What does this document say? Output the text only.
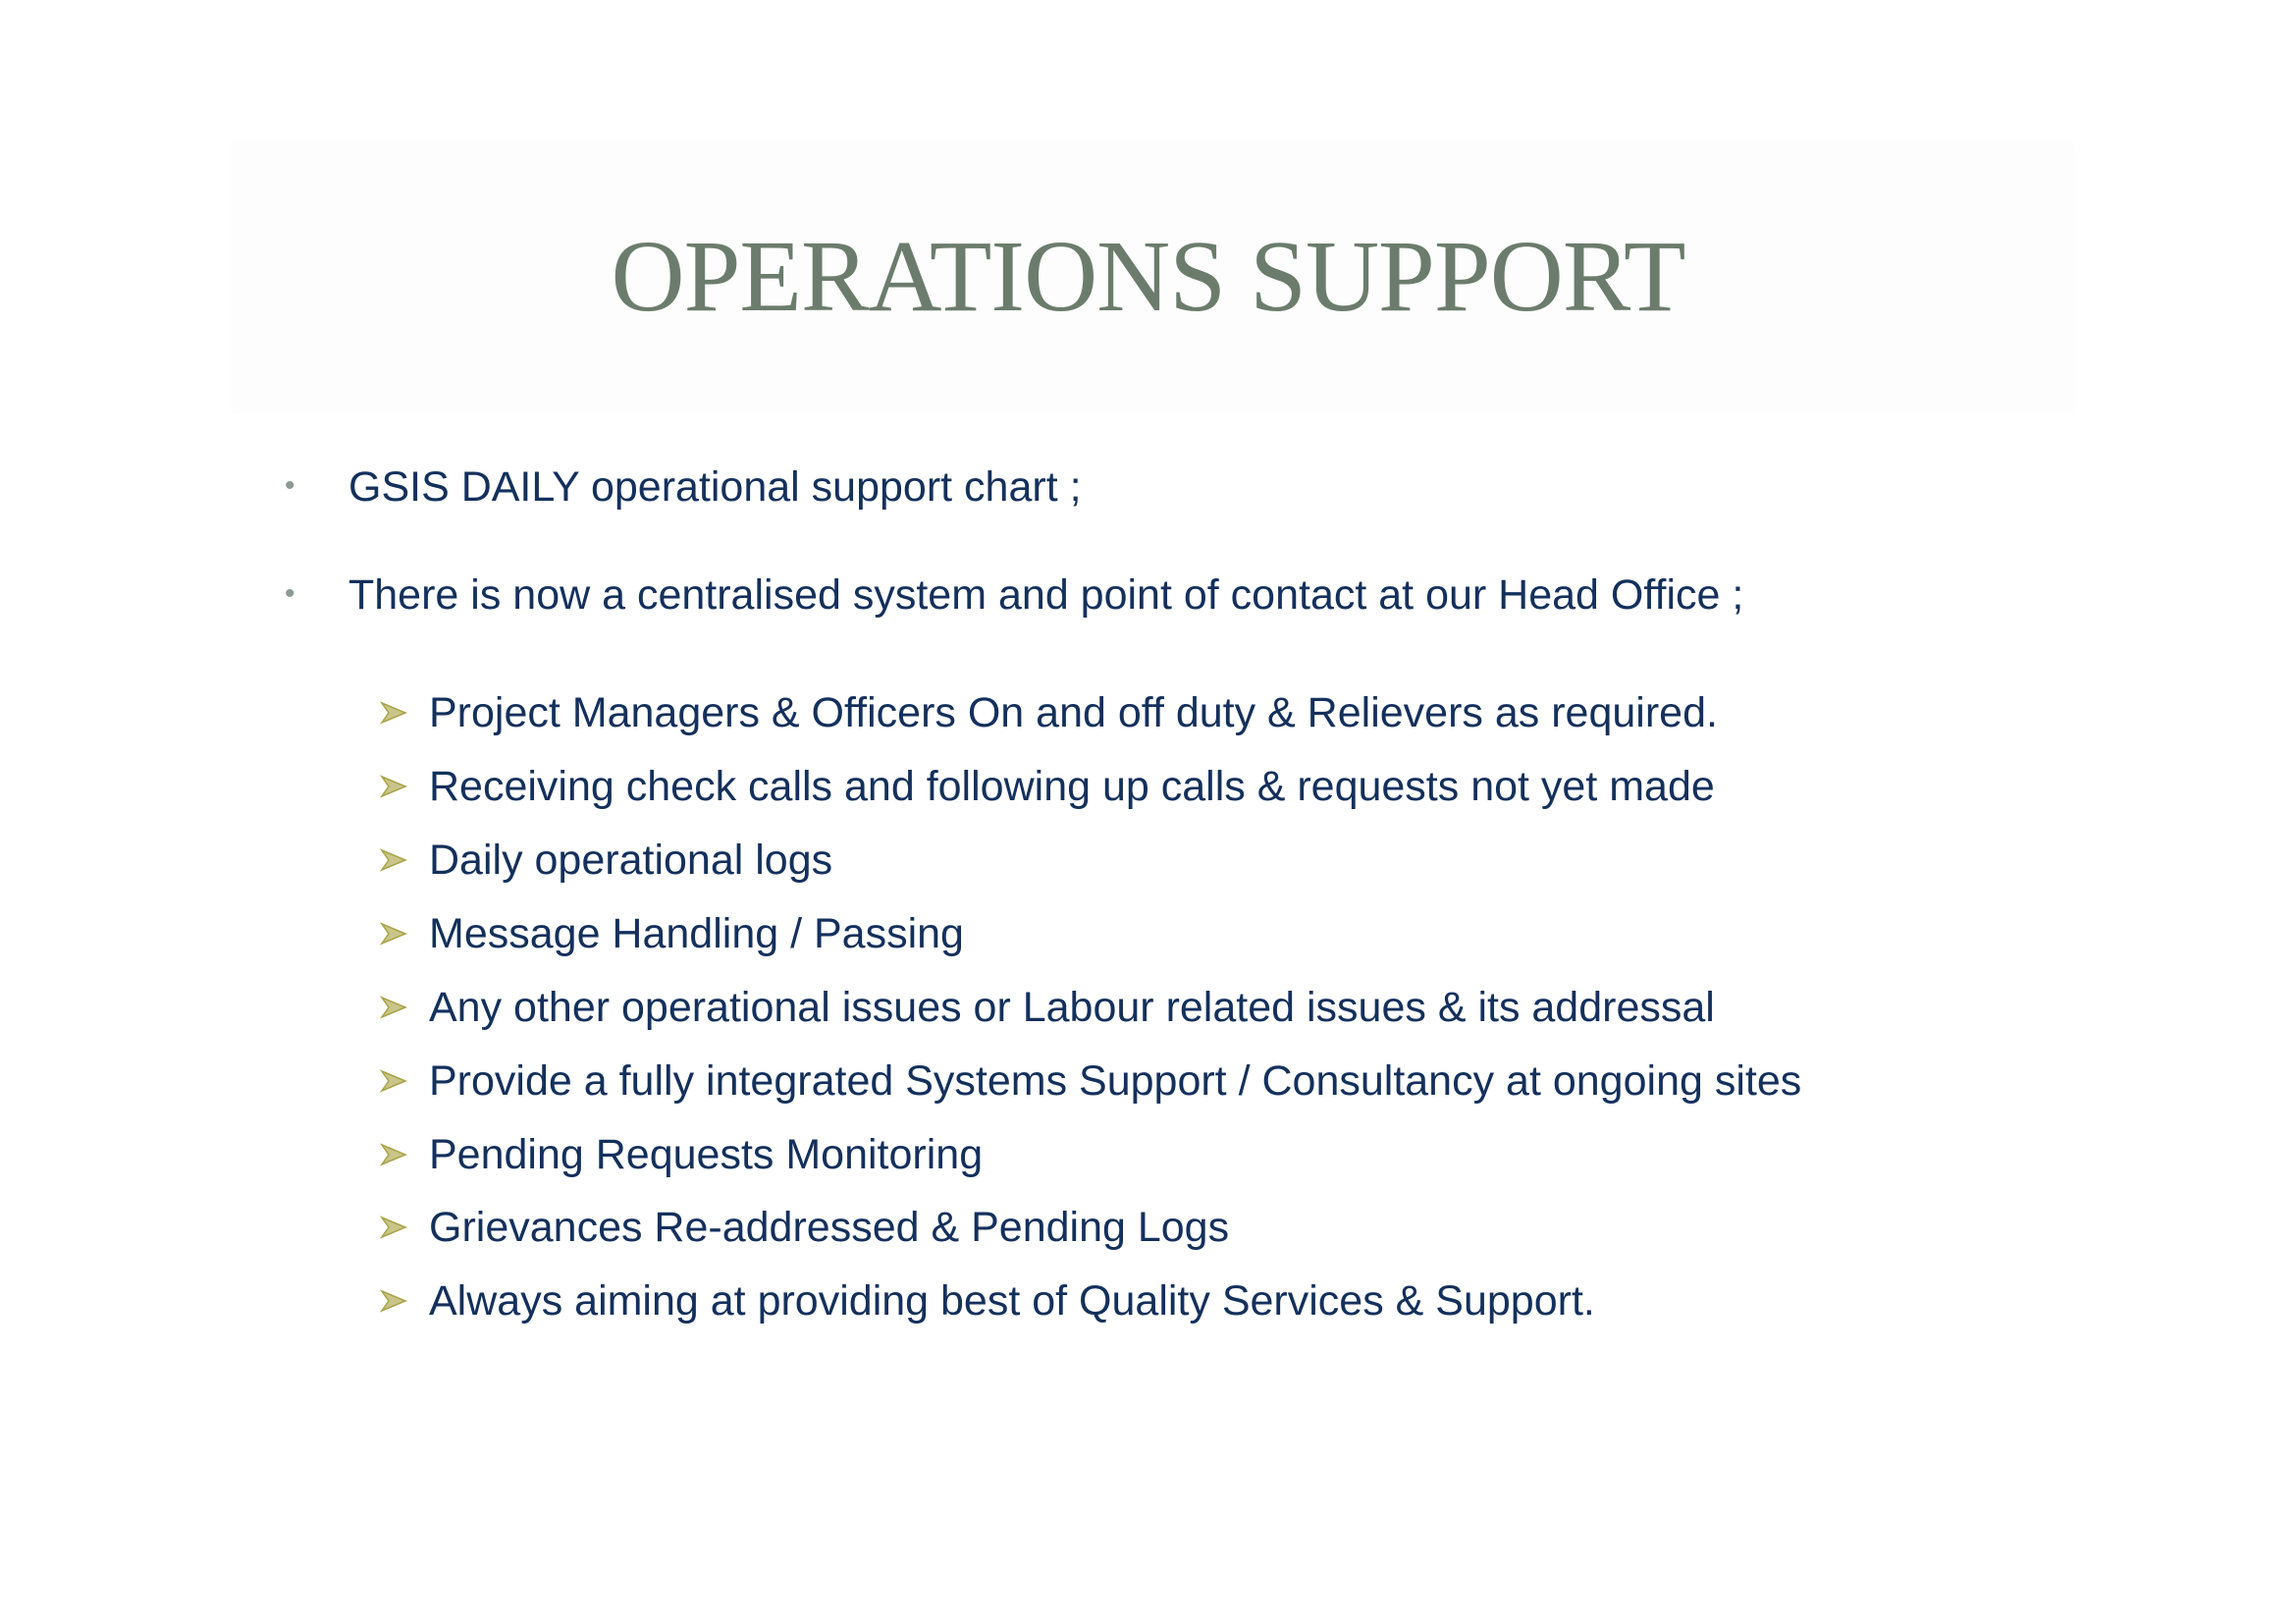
OPERATIONS SUPPORT
• GSIS DAILY operational support chart ;
• There is now a centralised system and point of contact at our Head Office ;
Project Managers & Officers On and off duty & Relievers as required.
Receiving check calls and following up calls & requests not yet made
Daily operational logs
Message Handling / Passing
Any other operational issues or Labour related issues & its addressal
Provide a fully integrated Systems Support / Consultancy at ongoing sites
Pending Requests Monitoring
Grievances Re-addressed & Pending Logs
Always aiming at providing best of Quality Services & Support.
